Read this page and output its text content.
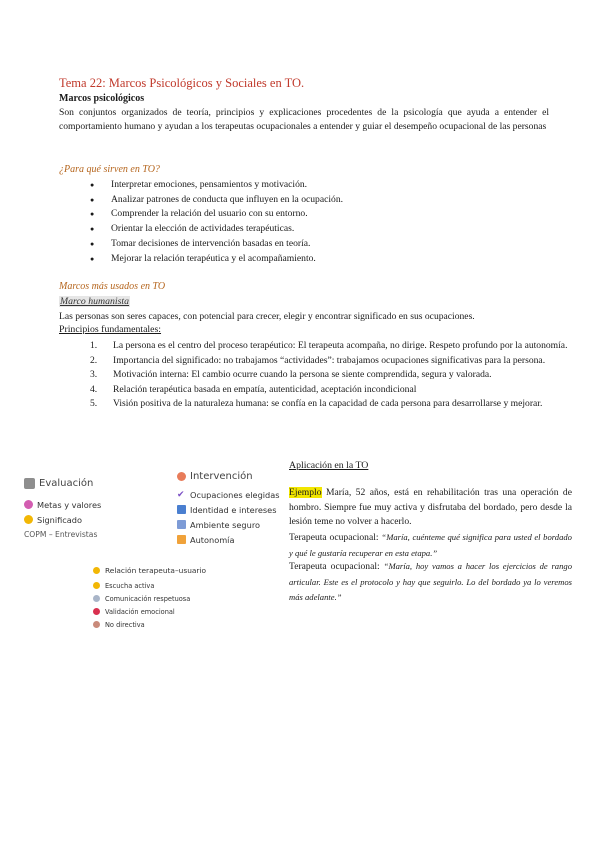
Tema 22: Marcos Psicológicos y Sociales en TO.
Marcos psicológicos
Son conjuntos organizados de teoría, principios y explicaciones procedentes de la psicología que ayuda a entender el comportamiento humano y ayudan a los terapeutas ocupacionales a entender y guiar el desempeño ocupacional de las personas
¿Para qué sirven en TO?
● Interpretar emociones, pensamientos y motivación.
● Analizar patrones de conducta que influyen en la ocupación.
● Comprender la relación del usuario con su entorno.
● Orientar la elección de actividades terapéuticas.
● Tomar decisiones de intervención basadas en teoría.
● Mejorar la relación terapéutica y el acompañamiento.
Marcos más usados en TO
Marco humanista
Las personas son seres capaces, con potencial para crecer, elegir y encontrar significado en sus ocupaciones.
Principios fundamentales:
1. La persona es el centro del proceso terapéutico: El terapeuta acompaña, no dirige. Respeto profundo por la autonomía.
2. Importancia del significado: no trabajamos “actividades”: trabajamos ocupaciones significativas para la persona.
3. Motivación interna: El cambio ocurre cuando la persona se siente comprendida, segura y valorada.
4. Relación terapéutica basada en empatía, autenticidad, aceptación incondicional
5. Visión positiva de la naturaleza humana: se confía en la capacidad de cada persona para desarrollarse y mejorar.
Evaluación
Metas y valores
Significado
COPM – Entrevistas
Intervención
✔ Ocupaciones elegidas
Identidad e intereses
Ambiente seguro
Autonomía
Relación terapeuta–usuario
Escucha activa
Comunicación respetuosa
Validación emocional
No directiva
Aplicación en la TO
Ejemplo María, 52 años, está en rehabilitación tras una operación de hombro. Siempre fue muy activa y disfrutaba del bordado, pero desde la lesión teme no volver a hacerlo.
Terapeuta ocupacional: “María, cuénteme qué significa para usted el bordado y qué le gustaría recuperar en esta etapa.”
Terapeuta ocupacional: “María, hoy vamos a hacer los ejercicios de rango articular. Este es el protocolo y hay que seguirlo. Lo del bordado ya lo veremos más adelante.”
